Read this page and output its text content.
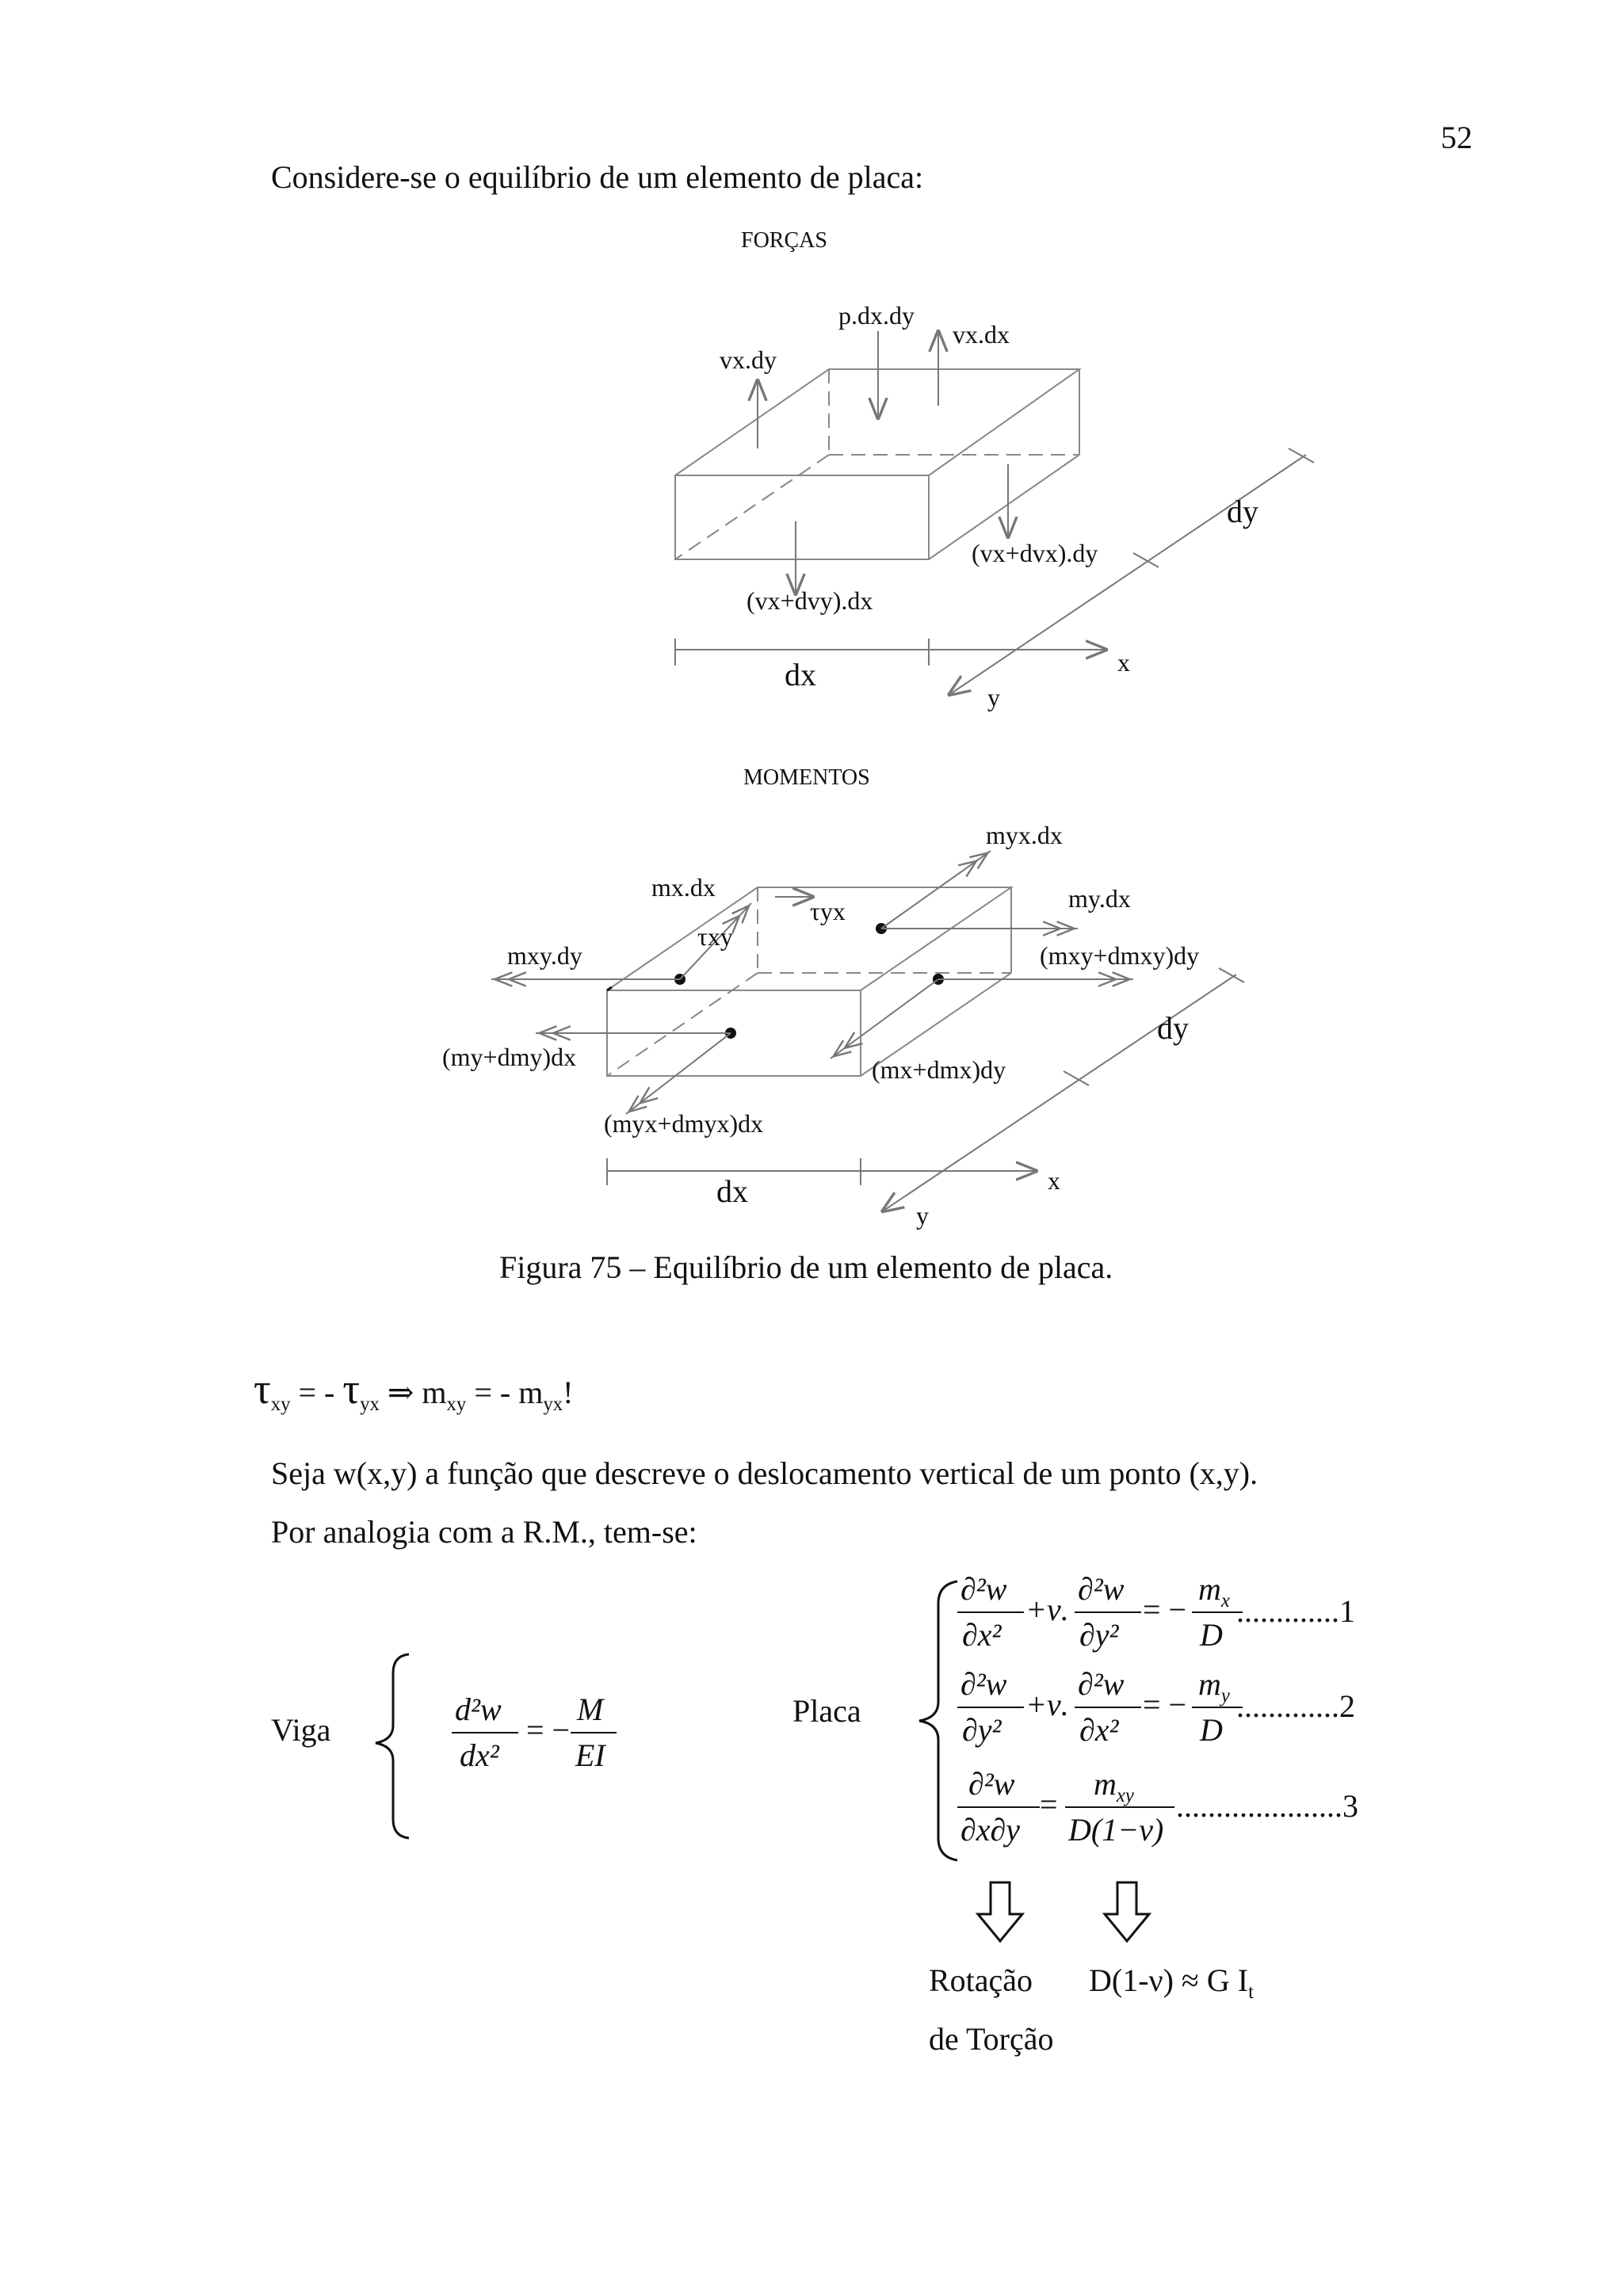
52
Considere-se o equilíbrio de um elemento de placa:
FORÇAS
p.dx.dy
vx.dx
vx.dy
dy
(vx+dvx).dy
(vx+dvy).dx
dx	x
y
MOMENTOS
myx.dx
mx.dx
τyx	my.dx
τxy
mxy.dy	(mxy+dmxy)dy
dy
(my+dmy)dx	(mx+dmx)dy
(myx+dmyx)dx
dx	x
y
Figura 75 – Equilíbrio de um elemento de placa.
$\tau_{xy}$ = - $\tau_{yx}$ ⇒ $m_{xy}$ = - $m_{yx}$!
Seja w(x,y) a função que descreve o deslocamento vertical de um ponto (x,y).
Por analogia com a R.M., tem-se:
Viga
d²w
dx²
= −
M
EI
Placa
∂²w
∂x²
+ν.
∂²w
∂y²
= −
$m_x$
D
.............1
∂²w
∂y²
+ν.
∂²w
∂x²
= −
$m_y$
D
.............2
∂²w
∂x∂y
=
$m_{xy}$
D(1−ν)
.....................3
Rotação D(1-ν) ≈ G $I_t$
de Torção
